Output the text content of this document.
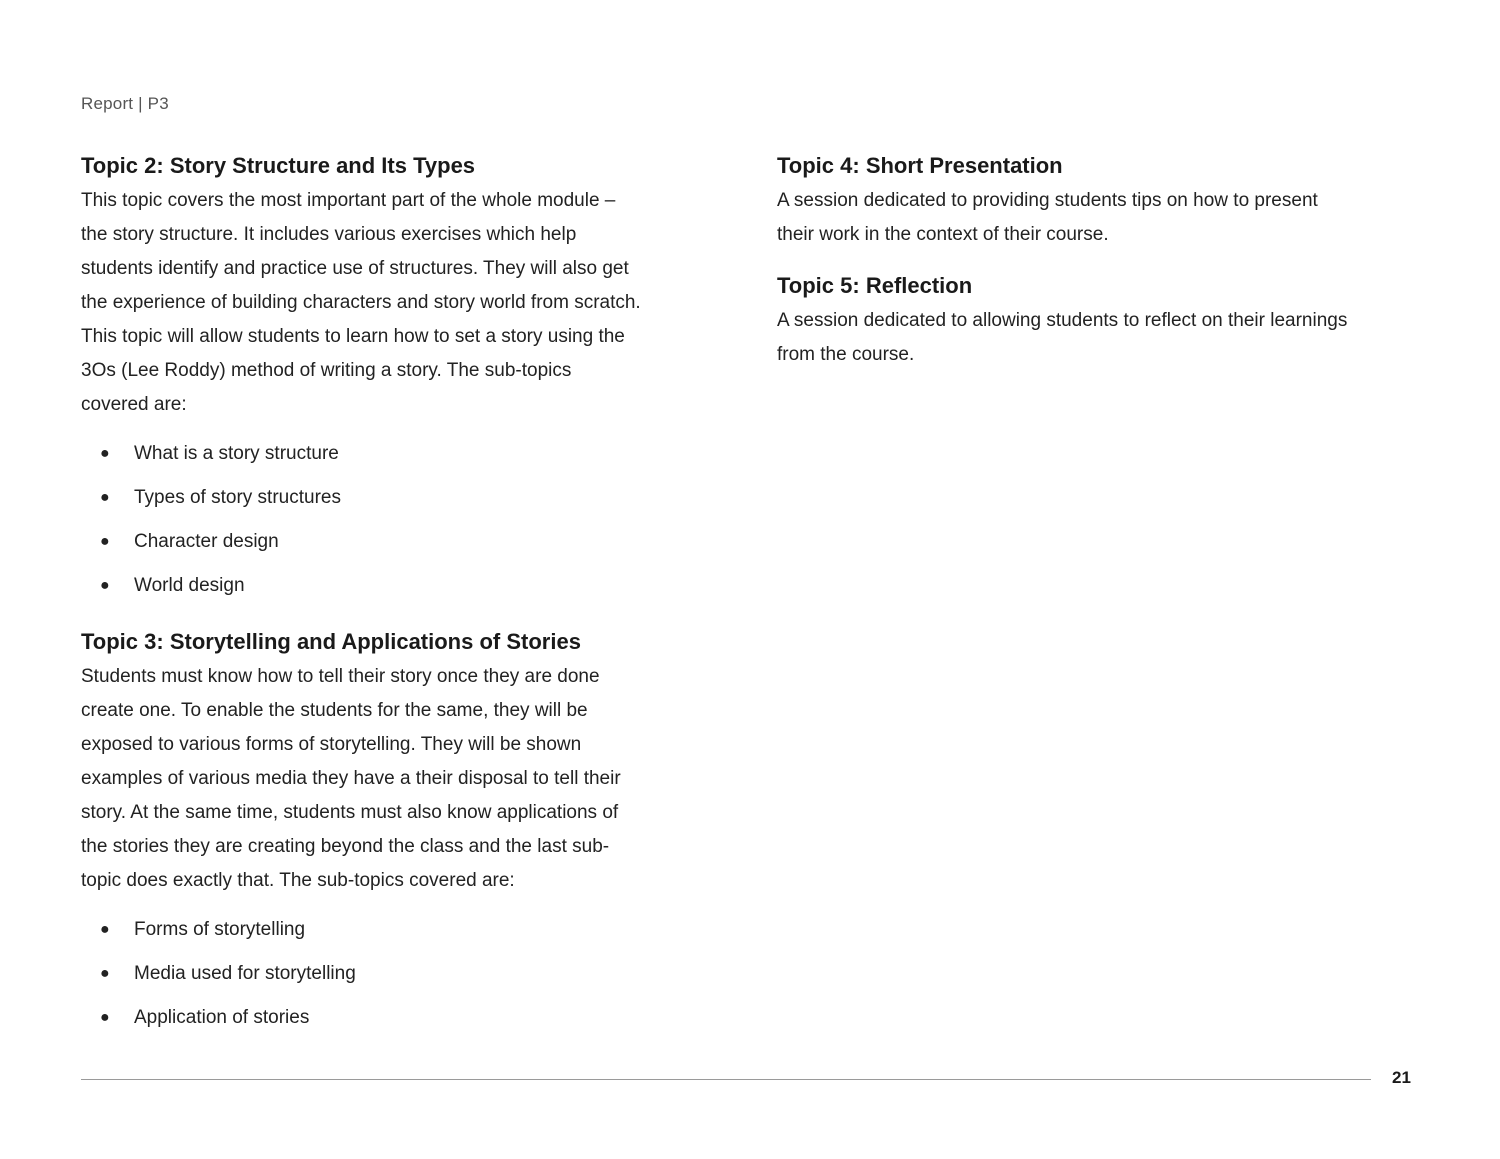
Report | P3
Topic 2: Story Structure and Its Types

This topic covers the most important part of the whole module – the story structure. It includes various exercises which help students identify and practice use of structures. They will also get the experience of building characters and story world from scratch. This topic will allow students to learn how to set a story using the 3Os (Lee Roddy) method of writing a story. The sub-topics covered are:

● What is a story structure
● Types of story structures
● Character design
● World design
Topic 3: Storytelling and Applications of Stories

Students must know how to tell their story once they are done create one. To enable the students for the same, they will be exposed to various forms of storytelling. They will be shown examples of various media they have a their disposal to tell their story. At the same time, students must also know applications of the stories they are creating beyond the class and the last sub-topic does exactly that. The sub-topics covered are:

● Forms of storytelling
● Media used for storytelling
● Application of stories
Topic 4: Short Presentation

A session dedicated to providing students tips on how to present their work in the context of their course.

Topic 5: Reflection

A session dedicated to allowing students to reflect on their learnings from the course.

21
